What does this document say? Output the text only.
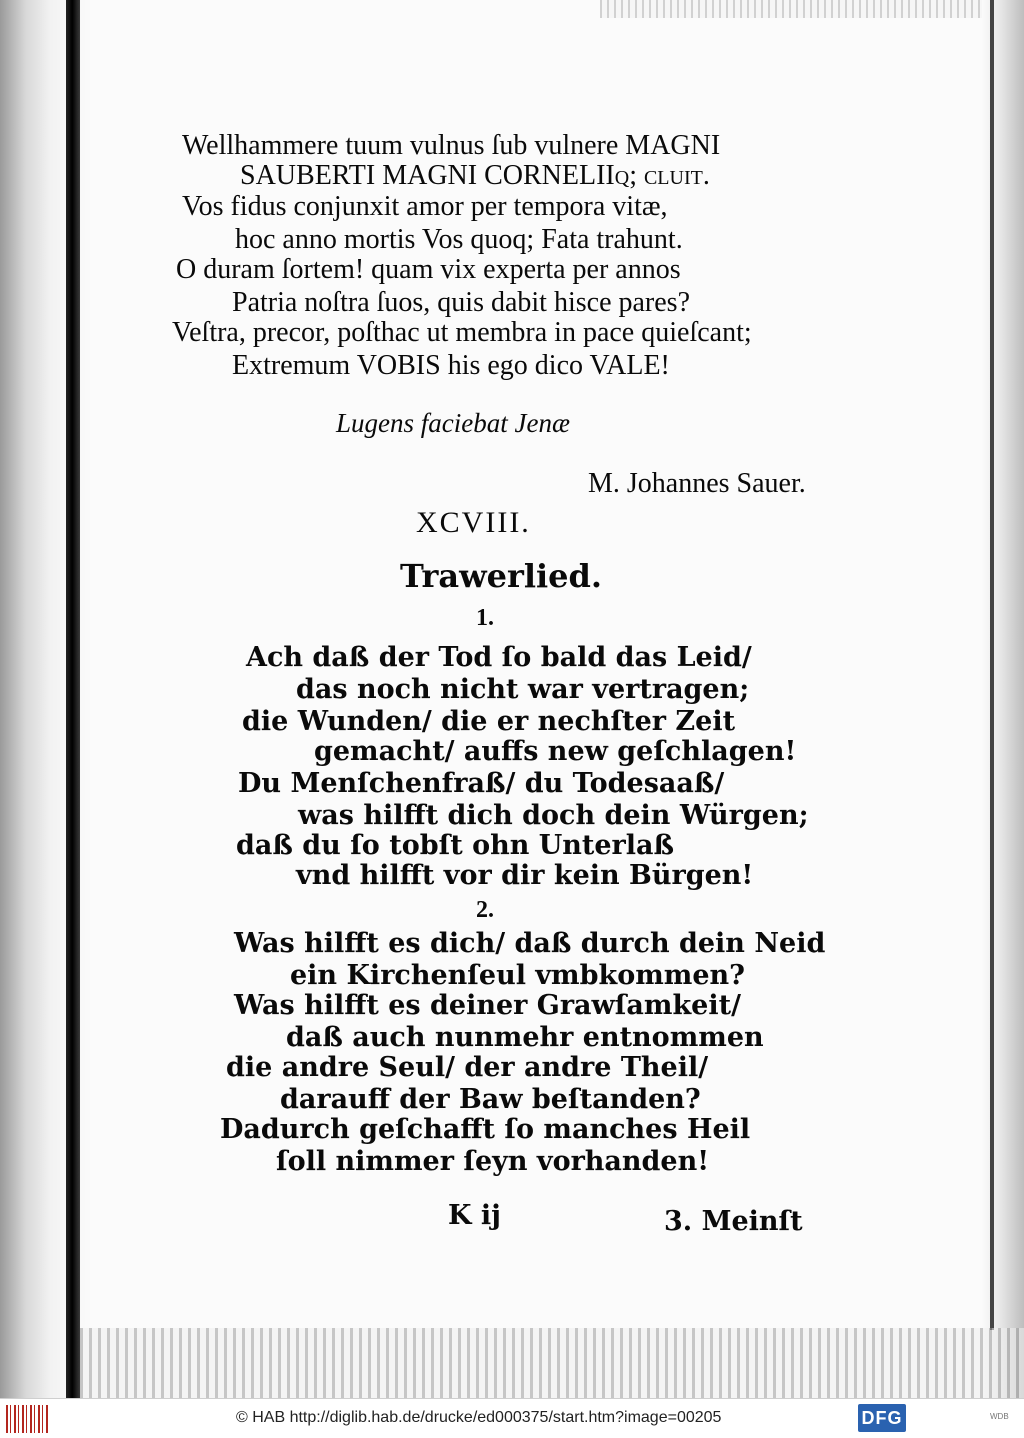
Wellhammere tuum vulnus ſub vulnere MAGNI
SAUBERTI MAGNI CORNELIIq; cluit.
Vos fidus conjunxit amor per tempora vitæ,
hoc anno mortis Vos quoq; Fata trahunt.
O duram ſortem! quam vix experta per annos
Patria noſtra ſuos, quis dabit hisce pares?
Veſtra, precor, poſthac ut membra in pace quieſcant;
Extremum VOBIS his ego dico VALE!
Lugens faciebat Jenæ
M. Johannes Sauer.
XCVIII.
Trawerlied.
1.
Ach daß der Tod ſo bald das Leid/
das noch nicht war vertragen;
die Wunden/ die er nechſter Zeit
gemacht/ auffs new geſchlagen!
Du Menſchenfraß/ du Todesaaß/
was hilfft dich doch dein Würgen;
daß du ſo tobſt ohn Unterlaß
vnd hilfft vor dir kein Bürgen!
2.
Was hilfft es dich/ daß durch dein Neid
ein Kirchenſeul vmbkommen?
Was hilfft es deiner Grawſamkeit/
daß auch nunmehr entnommen
die andre Seul/ der andre Theil/
darauff der Baw beſtanden?
Dadurch geſchafft ſo manches Heil
ſoll nimmer ſeyn vorhanden!
K ij	3. Meinſt
© HAB http://diglib.hab.de/drucke/ed000375/start.htm?image=00205	DFG	WDB
